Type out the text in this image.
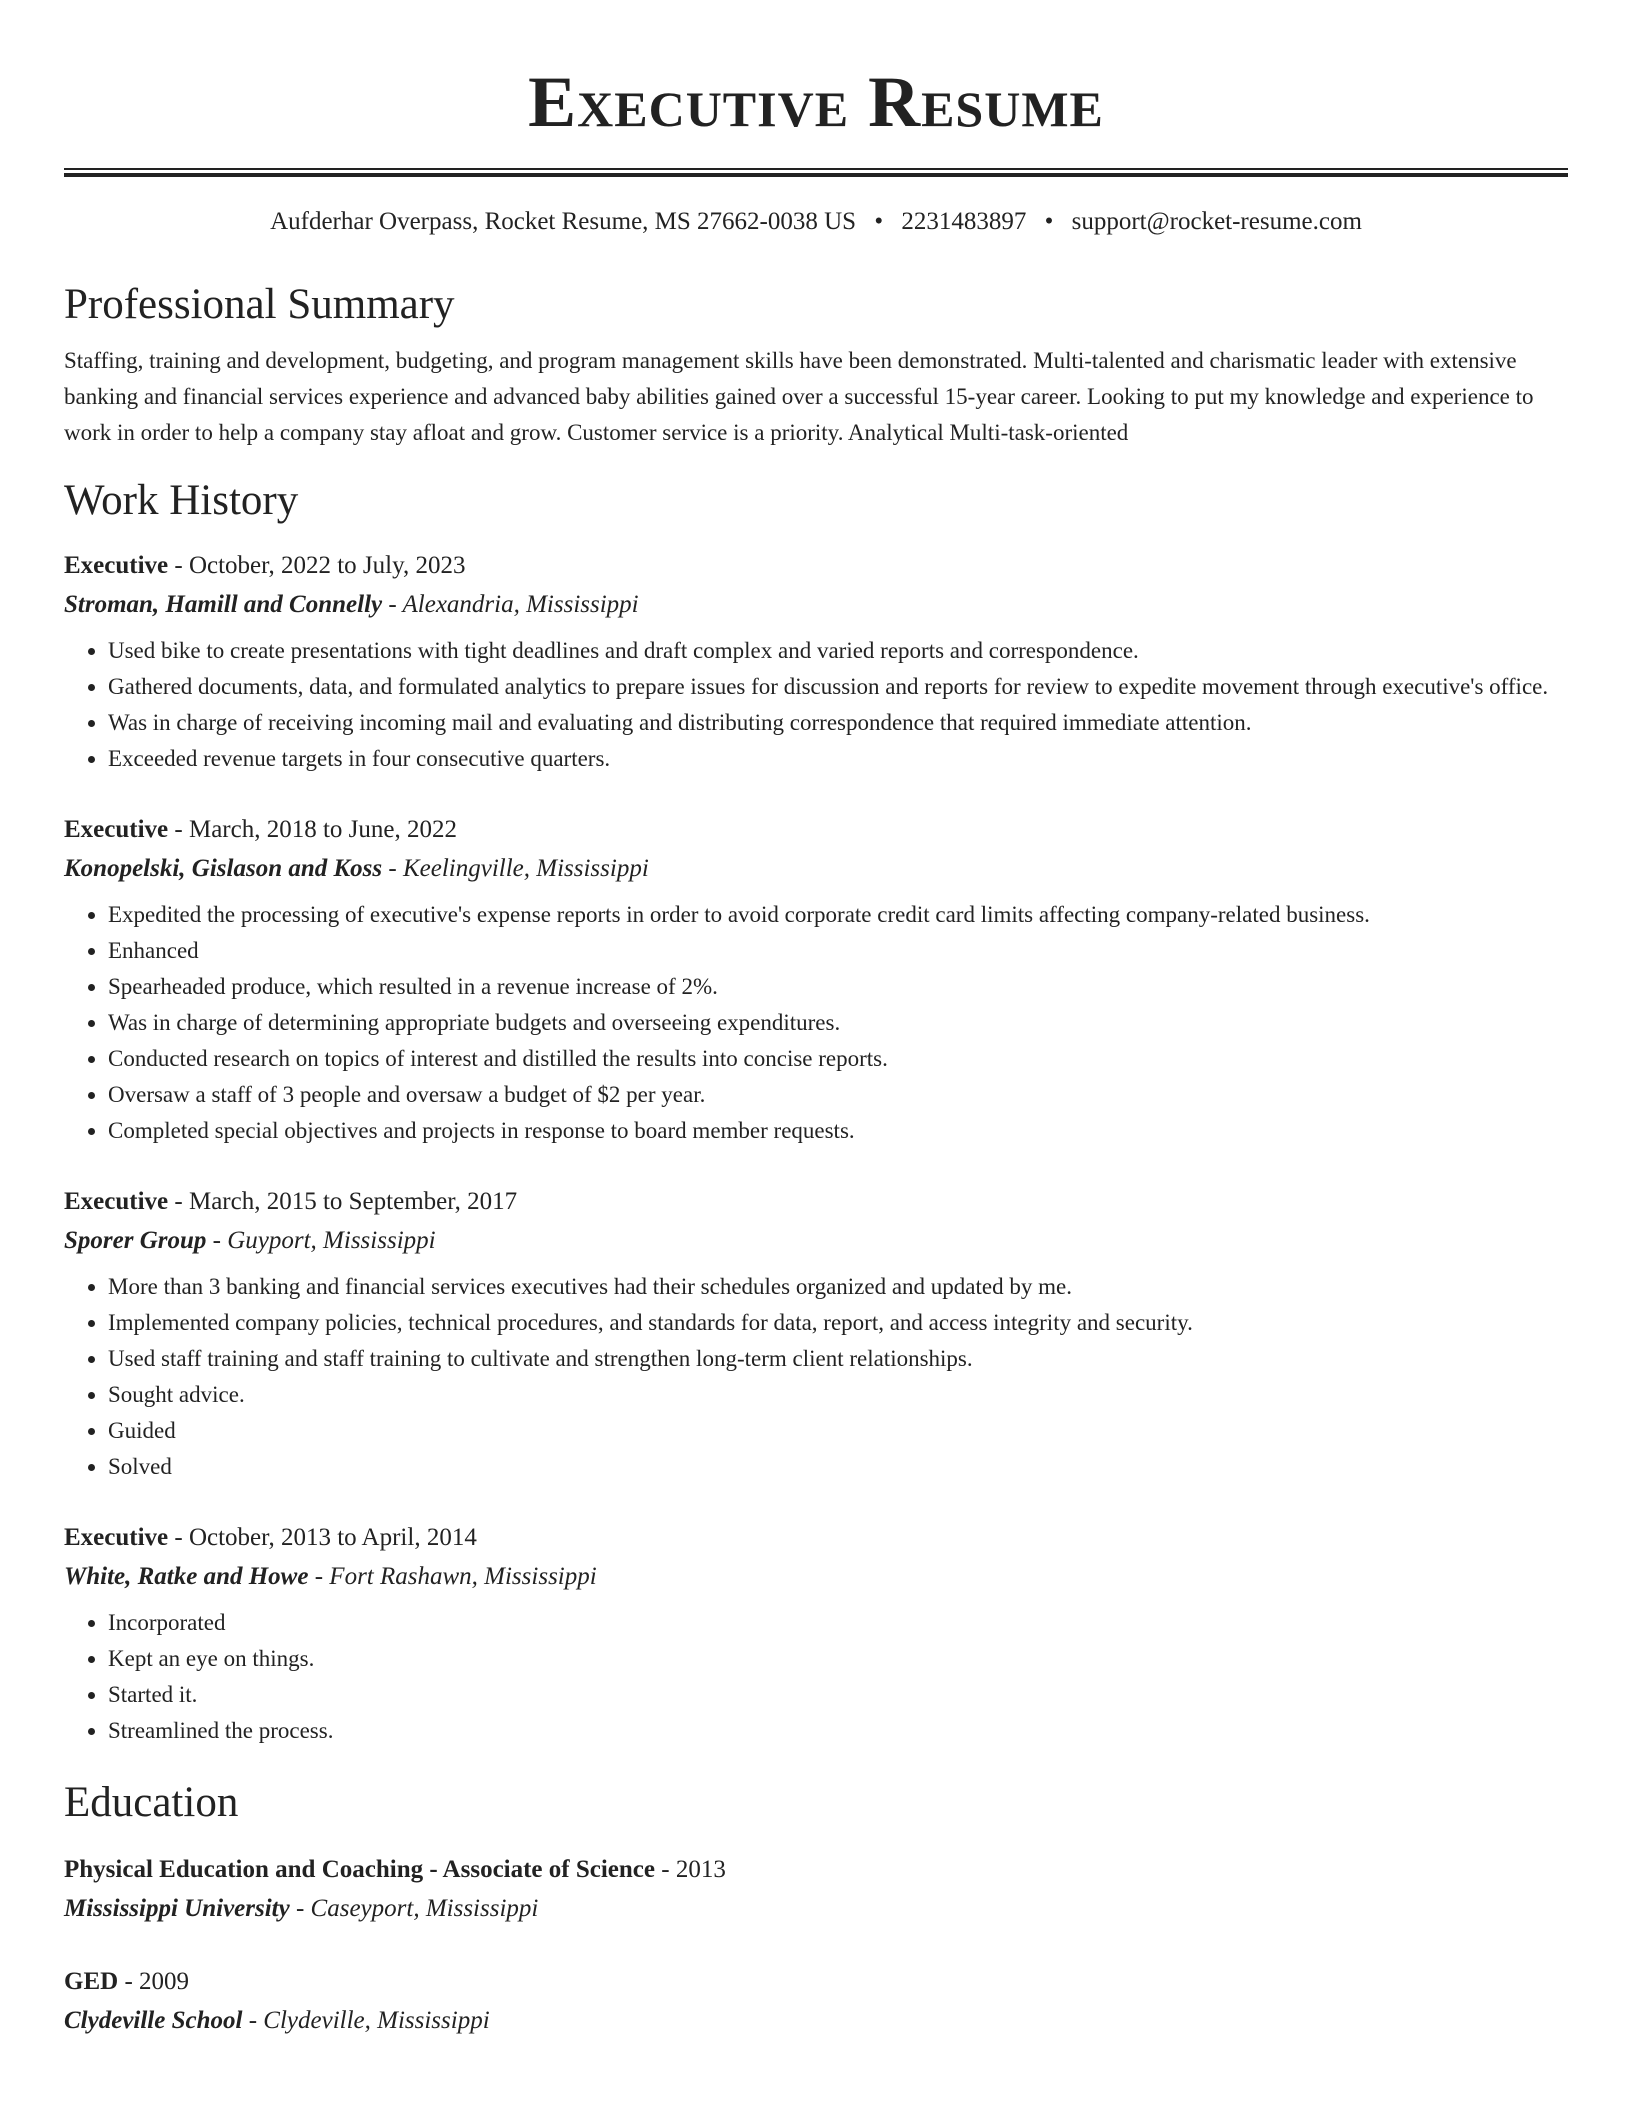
Executive Resume
Aufderhar Overpass, Rocket Resume, MS 27662-0038 US • 2231483897 • support@rocket-resume.com
Professional Summary
Staffing, training and development, budgeting, and program management skills have been demonstrated. Multi-talented and charismatic leader with extensive banking and financial services experience and advanced baby abilities gained over a successful 15-year career. Looking to put my knowledge and experience to work in order to help a company stay afloat and grow. Customer service is a priority. Analytical Multi-task-oriented
Work History
Executive - October, 2022 to July, 2023
Stroman, Hamill and Connelly - Alexandria, Mississippi
• Used bike to create presentations with tight deadlines and draft complex and varied reports and correspondence.
• Gathered documents, data, and formulated analytics to prepare issues for discussion and reports for review to expedite movement through executive's office.
• Was in charge of receiving incoming mail and evaluating and distributing correspondence that required immediate attention.
• Exceeded revenue targets in four consecutive quarters.
Executive - March, 2018 to June, 2022
Konopelski, Gislason and Koss - Keelingville, Mississippi
• Expedited the processing of executive's expense reports in order to avoid corporate credit card limits affecting company-related business.
• Enhanced
• Spearheaded produce, which resulted in a revenue increase of 2%.
• Was in charge of determining appropriate budgets and overseeing expenditures.
• Conducted research on topics of interest and distilled the results into concise reports.
• Oversaw a staff of 3 people and oversaw a budget of $2 per year.
• Completed special objectives and projects in response to board member requests.
Executive - March, 2015 to September, 2017
Sporer Group - Guyport, Mississippi
• More than 3 banking and financial services executives had their schedules organized and updated by me.
• Implemented company policies, technical procedures, and standards for data, report, and access integrity and security.
• Used staff training and staff training to cultivate and strengthen long-term client relationships.
• Sought advice.
• Guided
• Solved
Executive - October, 2013 to April, 2014
White, Ratke and Howe - Fort Rashawn, Mississippi
• Incorporated
• Kept an eye on things.
• Started it.
• Streamlined the process.
Education
Physical Education and Coaching - Associate of Science - 2013
Mississippi University - Caseyport, Mississippi
GED - 2009
Clydeville School - Clydeville, Mississippi
